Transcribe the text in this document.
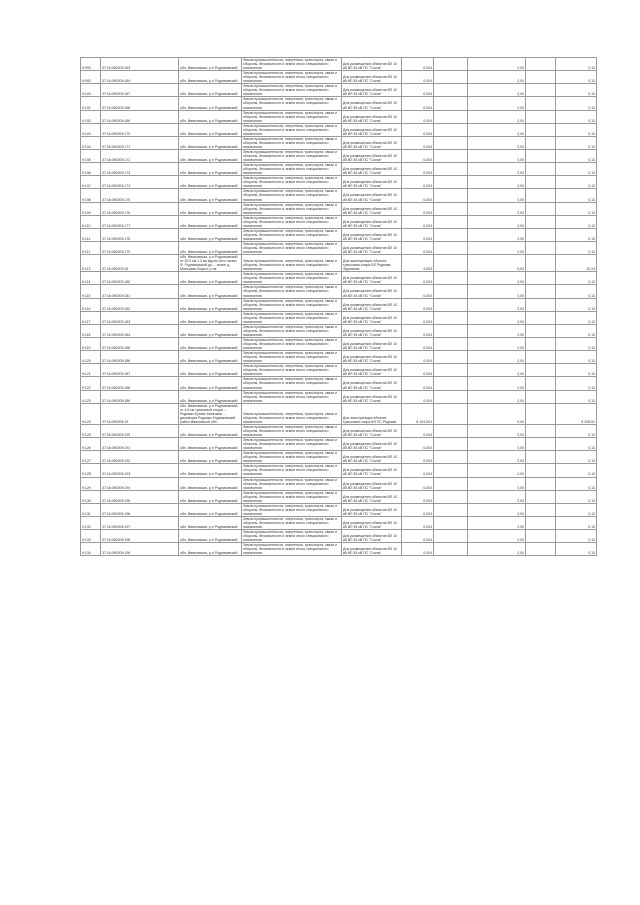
9:093	37:16:090209:163	обл. Ивановская, р-н Родниковский	Земли промышленности, энергетики, транспорта, связи и обороны, безопасности и земли иного специального назначения	Для размещения объектов ВЛ 10 кВ ВЛ 35 кВ ПС "Сосна"	0,004		2,00		0,13
9:093	37:16:090209:164	обл. Ивановская, р-н Родниковский	Земли промышленности, энергетики, транспорта, связи и обороны, безопасности и земли иного специального назначения	Для размещения объектов ВЛ 10 кВ ВЛ 35 кВ ПС "Сосна"	0,004		2,00		0,13
9:100	37:16:090209:167	обл. Ивановская, р-н Родниковский	Земли промышленности, энергетики, транспорта, связи и обороны, безопасности и земли иного специального назначения	Для размещения объектов ВЛ 10 кВ ВЛ 35 кВ ПС "Сосна"	0,004		2,00		0,13
9:101	37:16:090209:168	обл. Ивановская, р-н Родниковский	Земли промышленности, энергетики, транспорта, связи и обороны, безопасности и земли иного специального назначения	Для размещения объектов ВЛ 10 кВ ВЛ 35 кВ ПС "Сосна"	0,004		2,00		0,13
9:102	37:16:090209:169	обл. Ивановская, р-н Родниковский	Земли промышленности, энергетики, транспорта, связи и обороны, безопасности и земли иного специального назначения	Для размещения объектов ВЛ 10 кВ ВЛ 35 кВ ПС "Сосна"	0,004		2,00		0,13
9:103	37:16:090209:170	обл. Ивановская, р-н Родниковский	Земли промышленности, энергетики, транспорта, связи и обороны, безопасности и земли иного специального назначения	Для размещения объектов ВЛ 10 кВ ВЛ 35 кВ ПС "Сосна"	0,004		2,00		0,13
9:104	37:16:090209:171	обл. Ивановская, р-н Родниковский	Земли промышленности, энергетики, транспорта, связи и обороны, безопасности и земли иного специального назначения	Для размещения объектов ВЛ 10 кВ ВЛ 35 кВ ПС "Сосна"	0,004		2,00		0,13
9:105	37:16:090209:172	обл. Ивановская, р-н Родниковский	Земли промышленности, энергетики, транспорта, связи и обороны, безопасности и земли иного специального назначения	Для размещения объектов ВЛ 10 кВ ВЛ 35 кВ ПС "Сосна"	0,004		2,00		0,13
9:106	37:16:090209:173	обл. Ивановская, р-н Родниковский	Земли промышленности, энергетики, транспорта, связи и обороны, безопасности и земли иного специального назначения	Для размещения объектов ВЛ 10 кВ ВЛ 35 кВ ПС "Сосна"	0,004		2,00		0,13
9:107	37:16:090209:174	обл. Ивановская, р-н Родниковский	Земли промышленности, энергетики, транспорта, связи и обороны, безопасности и земли иного специального назначения	Для размещения объектов ВЛ 10 кВ ВЛ 35 кВ ПС "Сосна"	0,004		2,00		0,13
9:108	37:16:090209:175	обл. Ивановская, р-н Родниковский	Земли промышленности, энергетики, транспорта, связи и обороны, безопасности и земли иного специального назначения	Для размещения объектов ВЛ 10 кВ ВЛ 35 кВ ПС "Сосна"	0,004		2,00		0,13
9:109	37:16:090209:176	обл. Ивановская, р-н Родниковский	Земли промышленности, энергетики, транспорта, связи и обороны, безопасности и земли иного специального назначения	Для размещения объектов ВЛ 10 кВ ВЛ 35 кВ ПС "Сосна"	0,004		2,00		0,13
9:110	37:16:090209:177	обл. Ивановская, р-н Родниковский	Земли промышленности, энергетики, транспорта, связи и обороны, безопасности и земли иного специального назначения	Для размещения объектов ВЛ 10 кВ ВЛ 35 кВ ПС "Сосна"	0,004		2,00		0,13
9:111	37:16:090209:178	обл. Ивановская, р-н Родниковский	Земли промышленности, энергетики, транспорта, связи и обороны, безопасности и земли иного специального назначения	Для размещения объектов ВЛ 10 кВ ВЛ 35 кВ ПС "Сосна"	0,004		2,00		0,13
9:112	37:16:090209:179	обл. Ивановская, р-н Родниковский	Земли промышленности, энергетики, транспорта, связи и обороны, безопасности и земли иного специального назначения	Для размещения объектов ВЛ 10 кВ ВЛ 35 кВ ПС "Сосна"	0,004		2,00		0,13
9:113	37:16:090209:18	обл. Ивановская, р-н Родниковский, от 20.0 км 1.3 км вдоль сети линии Ф. Родниковской до ... возле д. Мальцево Ворон. р-на	Земли промышленности, энергетики, транспорта, связи и обороны, безопасности и земли иного специального назначения	Для эксплуатации объекта трассовая опора ВЛ Родники-Фурманов	4,004		0,00		10,24
9:114	37:16:090209:180	обл. Ивановская, р-н Родниковский	Земли промышленности, энергетики, транспорта, связи и обороны, безопасности и земли иного специального назначения	Для размещения объектов ВЛ 10 кВ ВЛ 35 кВ ПС "Сосна"	0,004		2,00		0,13
9:115	37:16:090209:181	обл. Ивановская, р-н Родниковский	Земли промышленности, энергетики, транспорта, связи и обороны, безопасности и земли иного специального назначения	Для размещения объектов ВЛ 10 кВ ВЛ 35 кВ ПС "Сосна"	0,004		2,00		0,13
9:116	37:16:090209:182	обл. Ивановская, р-н Родниковский	Земли промышленности, энергетики, транспорта, связи и обороны, безопасности и земли иного специального назначения	Для размещения объектов ВЛ 10 кВ ВЛ 35 кВ ПС "Сосна"	0,004		2,00		0,13
9:117	37:16:090209:183	обл. Ивановская, р-н Родниковский	Земли промышленности, энергетики, транспорта, связи и обороны, безопасности и земли иного специального назначения	Для размещения объектов ВЛ 10 кВ ВЛ 35 кВ ПС "Сосна"	0,004		2,00		0,13
9:118	37:16:090209:184	обл. Ивановская, р-н Родниковский	Земли промышленности, энергетики, транспорта, связи и обороны, безопасности и земли иного специального назначения	Для размещения объектов ВЛ 10 кВ ВЛ 35 кВ ПС "Сосна"	0,004		2,00		0,13
9:119	37:16:090209:185	обл. Ивановская, р-н Родниковский	Земли промышленности, энергетики, транспорта, связи и обороны, безопасности и земли иного специального назначения	Для размещения объектов ВЛ 10 кВ ВЛ 35 кВ ПС "Сосна"	0,004		2,00		0,13
9:120	37:16:090209:186	обл. Ивановская, р-н Родниковский	Земли промышленности, энергетики, транспорта, связи и обороны, безопасности и земли иного специального назначения	Для размещения объектов ВЛ 10 кВ ВЛ 35 кВ ПС "Сосна"	0,004		2,00		0,13
9:121	37:16:090209:187	обл. Ивановская, р-н Родниковский	Земли промышленности, энергетики, транспорта, связи и обороны, безопасности и земли иного специального назначения	Для размещения объектов ВЛ 10 кВ ВЛ 35 кВ ПС "Сосна"	0,004		2,00		0,13
9:122	37:16:090209:188	обл. Ивановская, р-н Родниковский	Земли промышленности, энергетики, транспорта, связи и обороны, безопасности и земли иного специального назначения	Для размещения объектов ВЛ 10 кВ ВЛ 35 кВ ПС "Сосна"	0,004		2,00		0,13
9:123	37:16:090209:189	обл. Ивановская, р-н Родниковский	Земли промышленности, энергетики, транспорта, связи и обороны, безопасности и земли иного специального назначения	Для размещения объектов ВЛ 10 кВ ВЛ 35 кВ ПС "Сосна"	0,004		2,00		0,13
9:124	37:16:090209:19	обл. Ивановская, р-н Родниковский, от 4.6 км трассовой опоры ... Родники-Бутово Кинешма ... дистанция Родники-Родниковский район Ивановской обл.	Земли промышленности, энергетики, транспорта, связи и обороны, безопасности и земли иного специального назначения	Для эксплуатации объекта трассовая опора ВЛ ПС Родники	8 104,004		0,00		8 208,51
9:125	37:16:090209:190	обл. Ивановская, р-н Родниковский	Земли промышленности, энергетики, транспорта, связи и обороны, безопасности и земли иного специального назначения	Для размещения объектов ВЛ 10 кВ ВЛ 35 кВ ПС "Сосна"	0,004		2,00		0,13
9:126	37:16:090209:191	обл. Ивановская, р-н Родниковский	Земли промышленности, энергетики, транспорта, связи и обороны, безопасности и земли иного специального назначения	Для размещения объектов ВЛ 10 кВ ВЛ 35 кВ ПС "Сосна"	0,004		2,00		0,13
9:127	37:16:090209:192	обл. Ивановская, р-н Родниковский	Земли промышленности, энергетики, транспорта, связи и обороны, безопасности и земли иного специального назначения	Для размещения объектов ВЛ 10 кВ ВЛ 35 кВ ПС "Сосна"	0,004		2,00		0,13
9:128	37:16:090209:193	обл. Ивановская, р-н Родниковский	Земли промышленности, энергетики, транспорта, связи и обороны, безопасности и земли иного специального назначения	Для размещения объектов ВЛ 10 кВ ВЛ 35 кВ ПС "Сосна"	0,004		2,00		0,13
9:129	37:16:090209:194	обл. Ивановская, р-н Родниковский	Земли промышленности, энергетики, транспорта, связи и обороны, безопасности и земли иного специального назначения	Для размещения объектов ВЛ 10 кВ ВЛ 35 кВ ПС "Сосна"	0,004		2,00		0,13
9:130	37:16:090209:195	обл. Ивановская, р-н Родниковский	Земли промышленности, энергетики, транспорта, связи и обороны, безопасности и земли иного специального назначения	Для размещения объектов ВЛ 10 кВ ВЛ 35 кВ ПС "Сосна"	0,004		2,00		0,13
9:131	37:16:090209:196	обл. Ивановская, р-н Родниковский	Земли промышленности, энергетики, транспорта, связи и обороны, безопасности и земли иного специального назначения	Для размещения объектов ВЛ 10 кВ ВЛ 35 кВ ПС "Сосна"	0,004		2,00		0,13
9:132	37:16:090209:197	обл. Ивановская, р-н Родниковский	Земли промышленности, энергетики, транспорта, связи и обороны, безопасности и земли иного специального назначения	Для размещения объектов ВЛ 10 кВ ВЛ 35 кВ ПС "Сосна"	0,004		2,00		0,13
9:133	37:16:090209:198	обл. Ивановская, р-н Родниковский	Земли промышленности, энергетики, транспорта, связи и обороны, безопасности и земли иного специального назначения	Для размещения объектов ВЛ 10 кВ ВЛ 35 кВ ПС "Сосна"	0,004		2,00		0,13
9:134	37:16:090209:199	обл. Ивановская, р-н Родниковский	Земли промышленности, энергетики, транспорта, связи и обороны, безопасности и земли иного специального назначения	Для размещения объектов ВЛ 10 кВ ВЛ 35 кВ ПС "Сосна"	0,004		2,00		0,13
